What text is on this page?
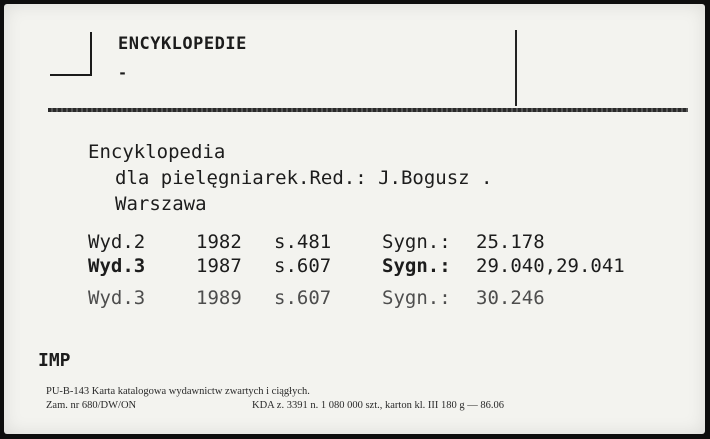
ENCYKLOPEDIE
-
Encyklopedia
dla pielęgniarek.Red.: J.Bogusz .
Warszawa
Wyd.2	1982 s.481	Sygn.: 25.178
Wyd.3	1987 s.607	Sygn.: 29.040,29.041
Wyd.3	1989 s.607	Sygn.: 30.246
IMP
PU-B-143 Karta katalogowa wydawnictw zwartych i ciągłych.
Zam. nr 680/DW/ON	KDA z. 3391 n. 1 080 000 szt., karton kl. III 180 g — 86.06
